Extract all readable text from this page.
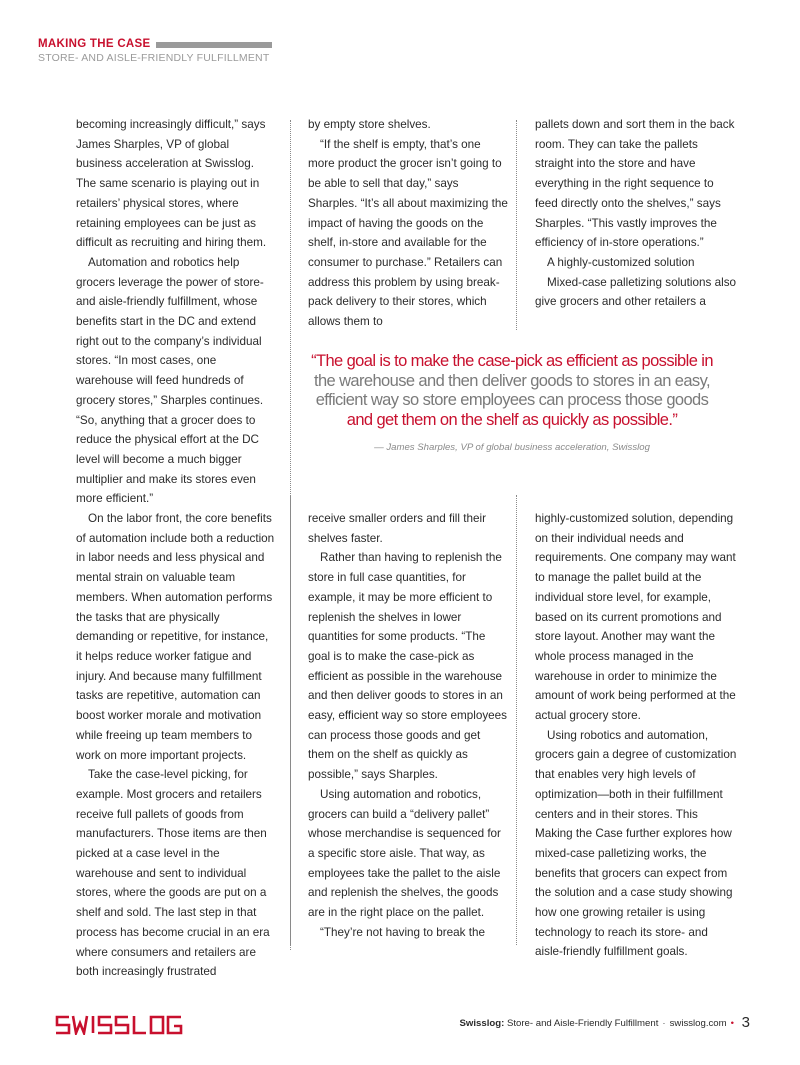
MAKING THE CASE
STORE- AND AISLE-FRIENDLY FULFILLMENT

becoming increasingly difficult,” says James Sharples, VP of global business acceleration at Swisslog. The same scenario is playing out in retailers’ physical stores, where retaining employees can be just as difficult as recruiting and hiring them.

Automation and robotics help grocers leverage the power of store- and aisle-friendly fulfillment, whose benefits start in the DC and extend right out to the company’s individual stores. “In most cases, one warehouse will feed hundreds of grocery stores,” Sharples continues. “So, anything that a grocer does to reduce the physical effort at the DC level will become a much bigger multiplier and make its stores even more efficient.”

On the labor front, the core benefits of automation include both a reduction in labor needs and less physical and mental strain on valuable team members. When automation performs the tasks that are physically demanding or repetitive, for instance, it helps reduce worker fatigue and injury. And because many fulfillment tasks are repetitive, automation can boost worker morale and motivation while freeing up team members to work on more important projects.

Take the case-level picking, for example. Most grocers and retailers receive full pallets of goods from manufacturers. Those items are then picked at a case level in the warehouse and sent to individual stores, where the goods are put on a shelf and sold. The last step in that process has become crucial in an era where consumers and retailers are both increasingly frustrated

by empty store shelves.

“If the shelf is empty, that’s one more product the grocer isn’t going to be able to sell that day,” says Sharples. “It’s all about maximizing the impact of having the goods on the shelf, in-store and available for the consumer to purchase.” Retailers can address this problem by using break-pack delivery to their stores, which allows them to

pallets down and sort them in the back room. They can take the pallets straight into the store and have everything in the right sequence to feed directly onto the shelves,” says Sharples. “This vastly improves the efficiency of in-store operations.”

A highly-customized solution

Mixed-case palletizing solutions also give grocers and other retailers a

“The goal is to make the case-pick as efficient as possible in
the warehouse and then deliver goods to stores in an easy,
efficient way so store employees can process those goods
and get them on the shelf as quickly as possible.”
— James Sharples, VP of global business acceleration, Swisslog

receive smaller orders and fill their shelves faster.

Rather than having to replenish the store in full case quantities, for example, it may be more efficient to replenish the shelves in lower quantities for some products. “The goal is to make the case-pick as efficient as possible in the warehouse and then deliver goods to stores in an easy, efficient way so store employees can process those goods and get them on the shelf as quickly as possible,” says Sharples.

Using automation and robotics, grocers can build a “delivery pallet” whose merchandise is sequenced for a specific store aisle. That way, as employees take the pallet to the aisle and replenish the shelves, the goods are in the right place on the pallet.

“They’re not having to break the

highly-customized solution, depending on their individual needs and requirements. One company may want to manage the pallet build at the individual store level, for example, based on its current promotions and store layout. Another may want the whole process managed in the warehouse in order to minimize the amount of work being performed at the actual grocery store.

Using robotics and automation, grocers gain a degree of customization that enables very high levels of optimization—both in their fulfillment centers and in their stores. This Making the Case further explores how mixed-case palletizing works, the benefits that grocers can expect from the solution and a case study showing how one growing retailer is using technology to reach its store- and aisle-friendly fulfillment goals.

Swisslog: Store- and Aisle-Friendly Fulfillment · swisslog.com • 3
